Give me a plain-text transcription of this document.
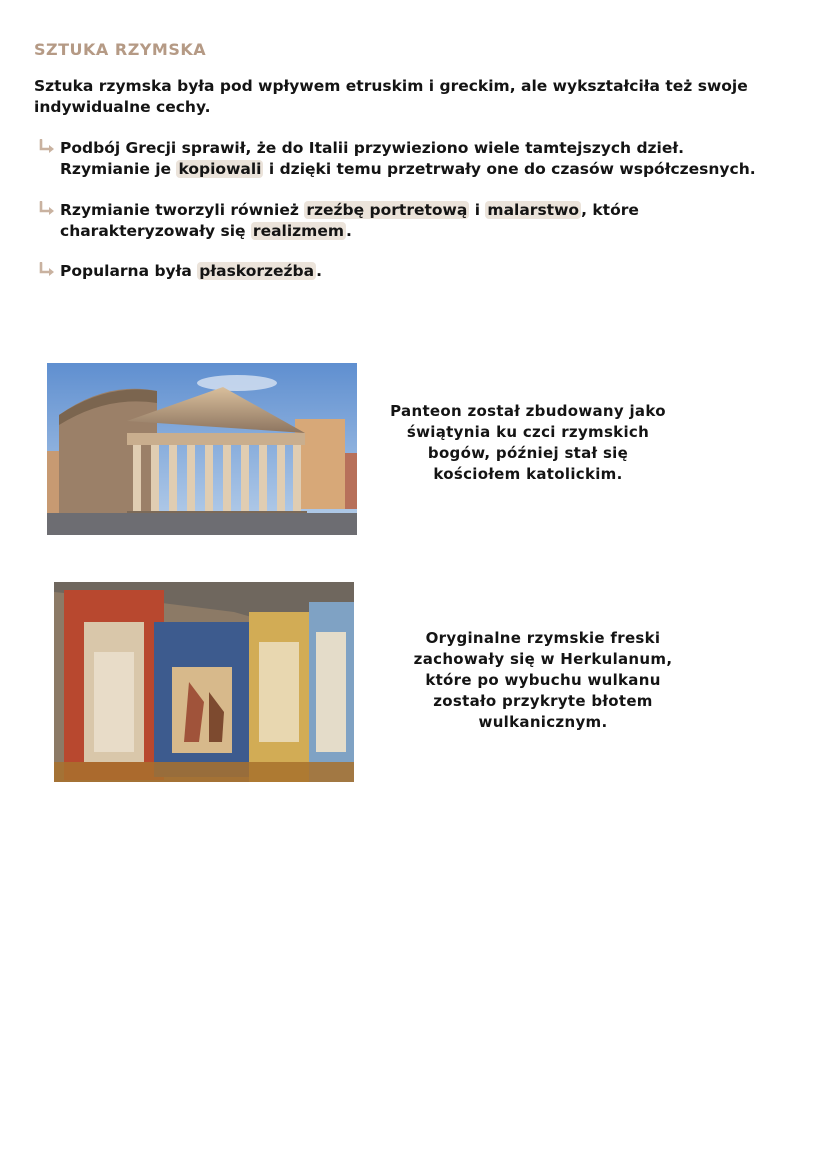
SZTUKA RZYMSKA
Sztuka rzymska była pod wpływem etruskim i greckim, ale wykształciła też swoje indywidualne cechy.
Podbój Grecji sprawił, że do Italii przywieziono wiele tamtejszych dzieł. Rzymianie je kopiowali i dzięki temu przetrwały one do czasów współczesnych.
Rzymianie tworzyli również rzeźbę portretową i malarstwo , które charakteryzowały się realizmem .
Popularna była płaskorzeźba .
Panteon został zbudowany jako świątynia ku czci rzymskich bogów, później stał się kościołem katolickim.
Oryginalne rzymskie freski zachowały się w Herkulanum, które po wybuchu wulkanu zostało przykryte błotem wulkanicznym.
